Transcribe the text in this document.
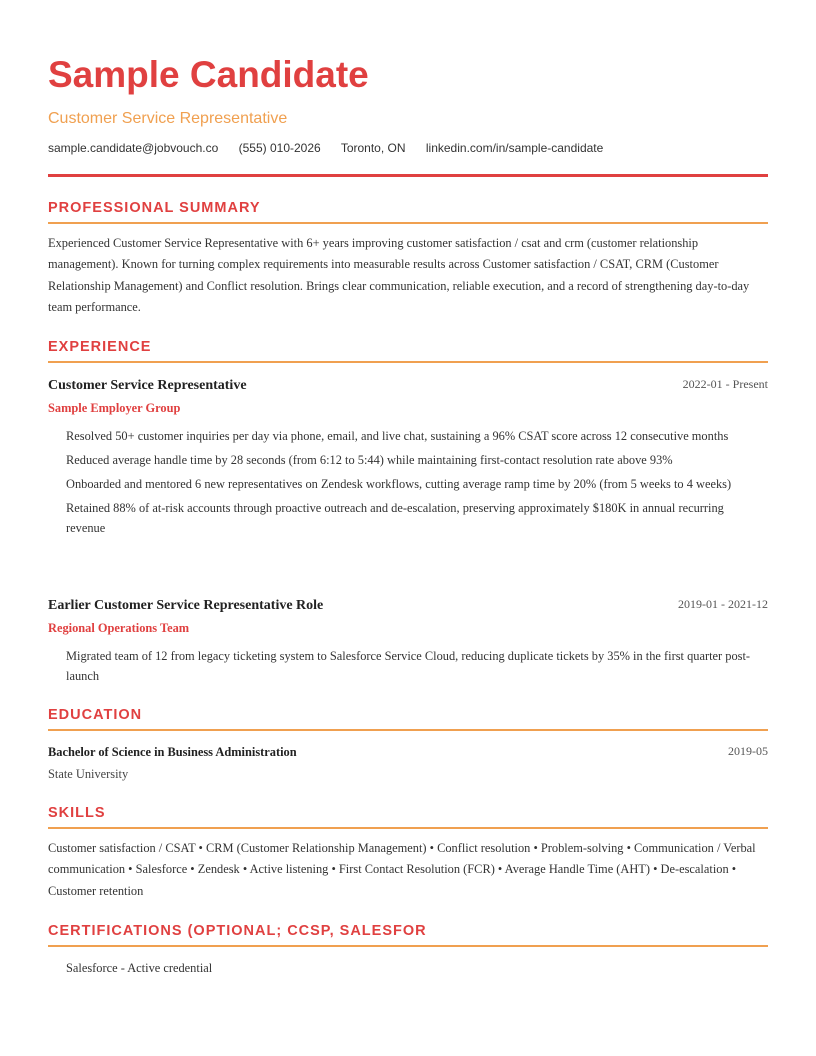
Sample Candidate
Customer Service Representative
sample.candidate@jobvouch.co (555) 010-2026 Toronto, ON linkedin.com/in/sample-candidate
PROFESSIONAL SUMMARY
Experienced Customer Service Representative with 6+ years improving customer satisfaction / csat and crm (customer relationship management). Known for turning complex requirements into measurable results across Customer satisfaction / CSAT, CRM (Customer Relationship Management) and Conflict resolution. Brings clear communication, reliable execution, and a record of strengthening day-to-day team performance.
EXPERIENCE
Customer Service Representative	2022-01 - Present
Sample Employer Group
Resolved 50+ customer inquiries per day via phone, email, and live chat, sustaining a 96% CSAT score across 12 consecutive months
Reduced average handle time by 28 seconds (from 6:12 to 5:44) while maintaining first-contact resolution rate above 93%
Onboarded and mentored 6 new representatives on Zendesk workflows, cutting average ramp time by 20% (from 5 weeks to 4 weeks)
Retained 88% of at-risk accounts through proactive outreach and de-escalation, preserving approximately $180K in annual recurring revenue
Earlier Customer Service Representative Role	2019-01 - 2021-12
Regional Operations Team
Migrated team of 12 from legacy ticketing system to Salesforce Service Cloud, reducing duplicate tickets by 35% in the first quarter post-launch
EDUCATION
Bachelor of Science in Business Administration	2019-05
State University
SKILLS
Customer satisfaction / CSAT • CRM (Customer Relationship Management) • Conflict resolution • Problem-solving • Communication / Verbal communication • Salesforce • Zendesk • Active listening • First Contact Resolution (FCR) • Average Handle Time (AHT) • De-escalation • Customer retention
CERTIFICATIONS (OPTIONAL; CCSP, SALESFOR
Salesforce - Active credential
